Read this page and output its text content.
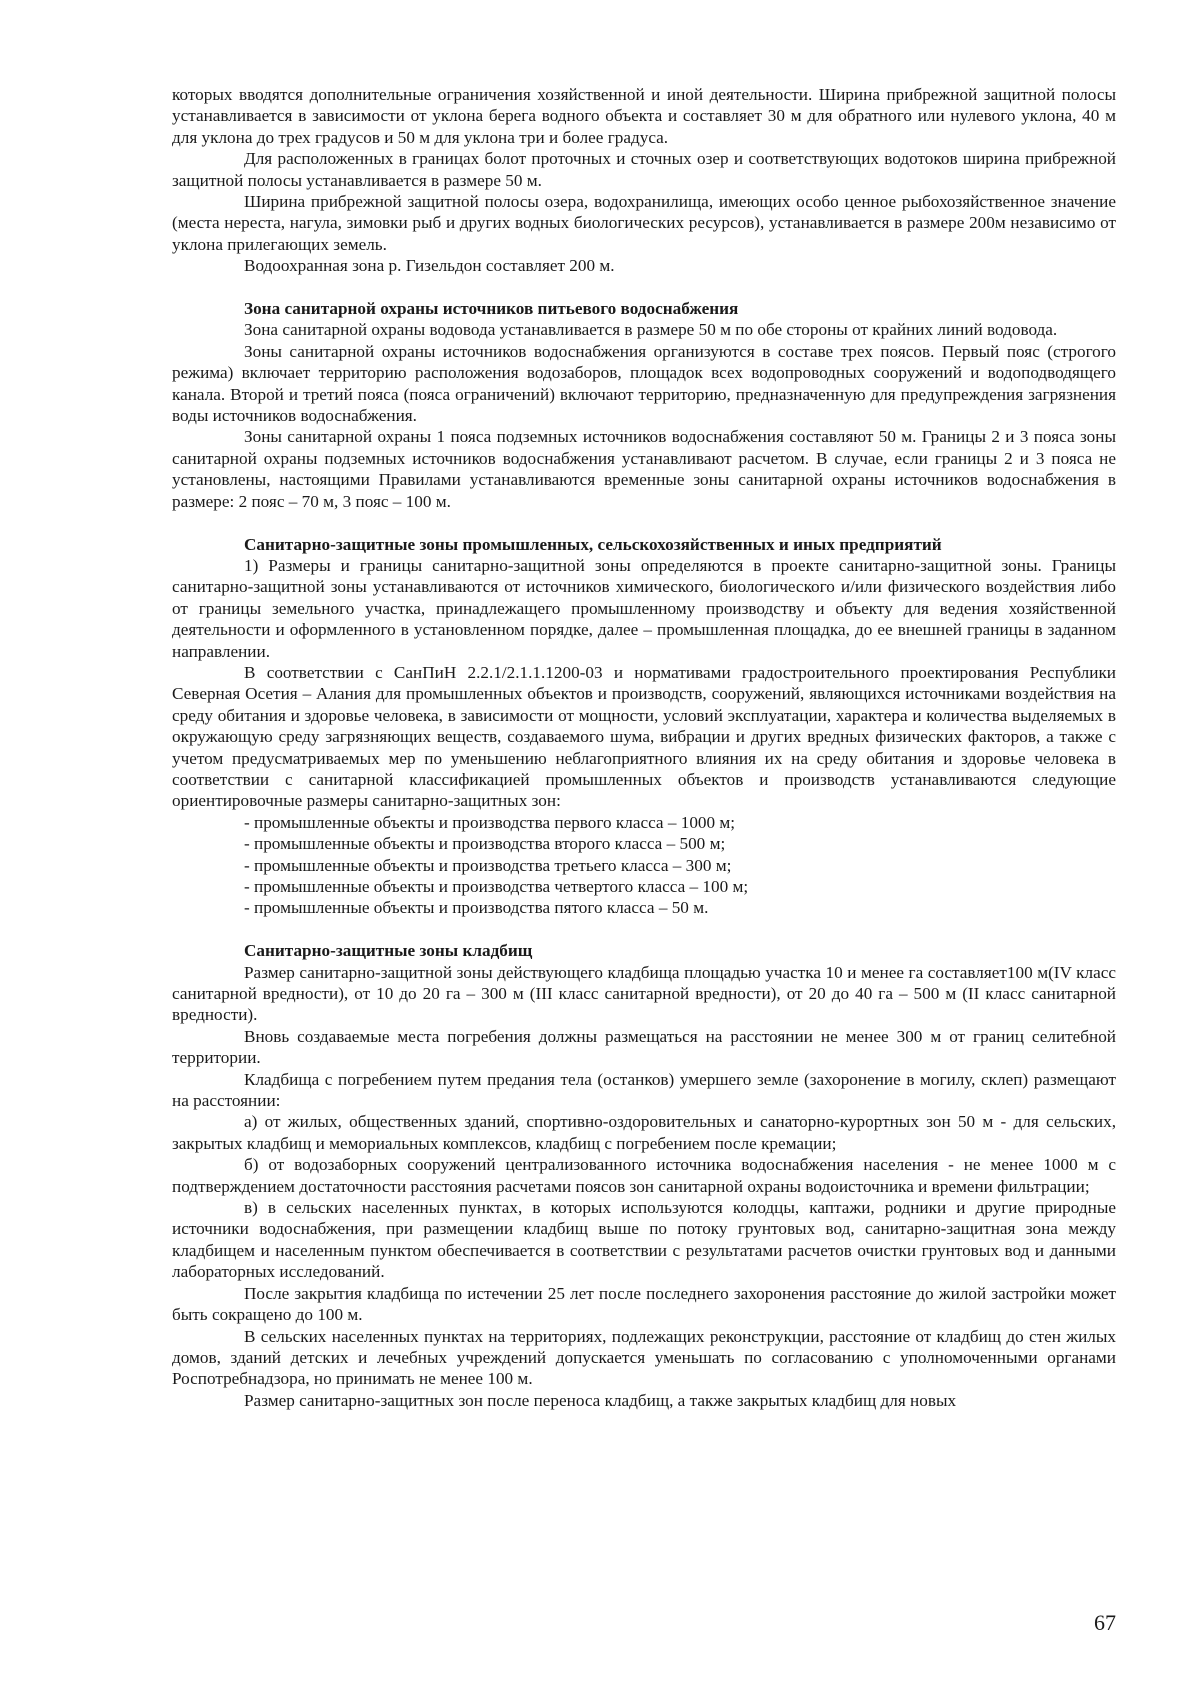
которых вводятся дополнительные ограничения хозяйственной и иной деятельности. Ширина прибрежной защитной полосы устанавливается в зависимости от уклона берега водного объекта и составляет 30 м для обратного или нулевого уклона, 40 м для уклона до трех градусов и 50 м для уклона три и более градуса.

Для расположенных в границах болот проточных и сточных озер и соответствующих водотоков ширина прибрежной защитной полосы устанавливается в размере 50 м.

Ширина прибрежной защитной полосы озера, водохранилища, имеющих особо ценное рыбохозяйственное значение (места нереста, нагула, зимовки рыб и других водных биологических ресурсов), устанавливается в размере 200м независимо от уклона прилегающих земель.

Водоохранная зона р. Гизельдон составляет 200 м.

Зона санитарной охраны источников питьевого водоснабжения

Зона санитарной охраны водовода устанавливается в размере 50 м по обе стороны от крайних линий водовода.

Зоны санитарной охраны источников водоснабжения организуются в составе трех поясов. Первый пояс (строгого режима) включает территорию расположения водозаборов, площадок всех водопроводных сооружений и водоподводящего канала. Второй и третий пояса (пояса ограничений) включают территорию, предназначенную для предупреждения загрязнения воды источников водоснабжения.

Зоны санитарной охраны 1 пояса подземных источников водоснабжения составляют 50 м. Границы 2 и 3 пояса зоны санитарной охраны подземных источников водоснабжения устанавливают расчетом. В случае, если границы 2 и 3 пояса не установлены, настоящими Правилами устанавливаются временные зоны санитарной охраны источников водоснабжения в размере: 2 пояс – 70 м, 3 пояс – 100 м.

Санитарно-защитные зоны промышленных, сельскохозяйственных и иных предприятий

1) Размеры и границы санитарно-защитной зоны определяются в проекте санитарно-защитной зоны. Границы санитарно-защитной зоны устанавливаются от источников химического, биологического и/или физического воздействия либо от границы земельного участка, принадлежащего промышленному производству и объекту для ведения хозяйственной деятельности и оформленного в установленном порядке, далее – промышленная площадка, до ее внешней границы в заданном направлении.

В соответствии с СанПиН 2.2.1/2.1.1.1200-03 и нормативами градостроительного проектирования Республики Северная Осетия – Алания для промышленных объектов и производств, сооружений, являющихся источниками воздействия на среду обитания и здоровье человека, в зависимости от мощности, условий эксплуатации, характера и количества выделяемых в окружающую среду загрязняющих веществ, создаваемого шума, вибрации и других вредных физических факторов, а также с учетом предусматриваемых мер по уменьшению неблагоприятного влияния их на среду обитания и здоровье человека в соответствии с санитарной классификацией промышленных объектов и производств устанавливаются следующие ориентировочные размеры санитарно-защитных зон:

- промышленные объекты и производства первого класса – 1000 м;

- промышленные объекты и производства второго класса – 500 м;

- промышленные объекты и производства третьего класса – 300 м;

- промышленные объекты и производства четвертого класса – 100 м;

- промышленные объекты и производства пятого класса – 50 м.

Санитарно-защитные зоны кладбищ

Размер санитарно-защитной зоны действующего кладбища площадью участка 10 и менее га составляет100 м(IV класс санитарной вредности), от 10 до 20 га – 300 м (III класс санитарной вредности), от 20 до 40 га – 500 м (II класс санитарной вредности).

Вновь создаваемые места погребения должны размещаться на расстоянии не менее 300 м от границ селитебной территории.

Кладбища с погребением путем предания тела (останков) умершего земле (захоронение в могилу, склеп) размещают на расстоянии:

а) от жилых, общественных зданий, спортивно-оздоровительных и санаторно-курортных зон 50 м - для сельских, закрытых кладбищ и мемориальных комплексов, кладбищ с погребением после кремации;

б) от водозаборных сооружений централизованного источника водоснабжения населения - не менее 1000 м с подтверждением достаточности расстояния расчетами поясов зон санитарной охраны водоисточника и времени фильтрации;

в) в сельских населенных пунктах, в которых используются колодцы, каптажи, родники и другие природные источники водоснабжения, при размещении кладбищ выше по потоку грунтовых вод, санитарно-защитная зона между кладбищем и населенным пунктом обеспечивается в соответствии с результатами расчетов очистки грунтовых вод и данными лабораторных исследований.

После закрытия кладбища по истечении 25 лет после последнего захоронения расстояние до жилой застройки может быть сокращено до 100 м.

В сельских населенных пунктах на территориях, подлежащих реконструкции, расстояние от кладбищ до стен жилых домов, зданий детских и лечебных учреждений допускается уменьшать по согласованию с уполномоченными органами Роспотребнадзора, но принимать не менее 100 м.

Размер санитарно-защитных зон после переноса кладбищ, а также закрытых кладбищ для новых

67
